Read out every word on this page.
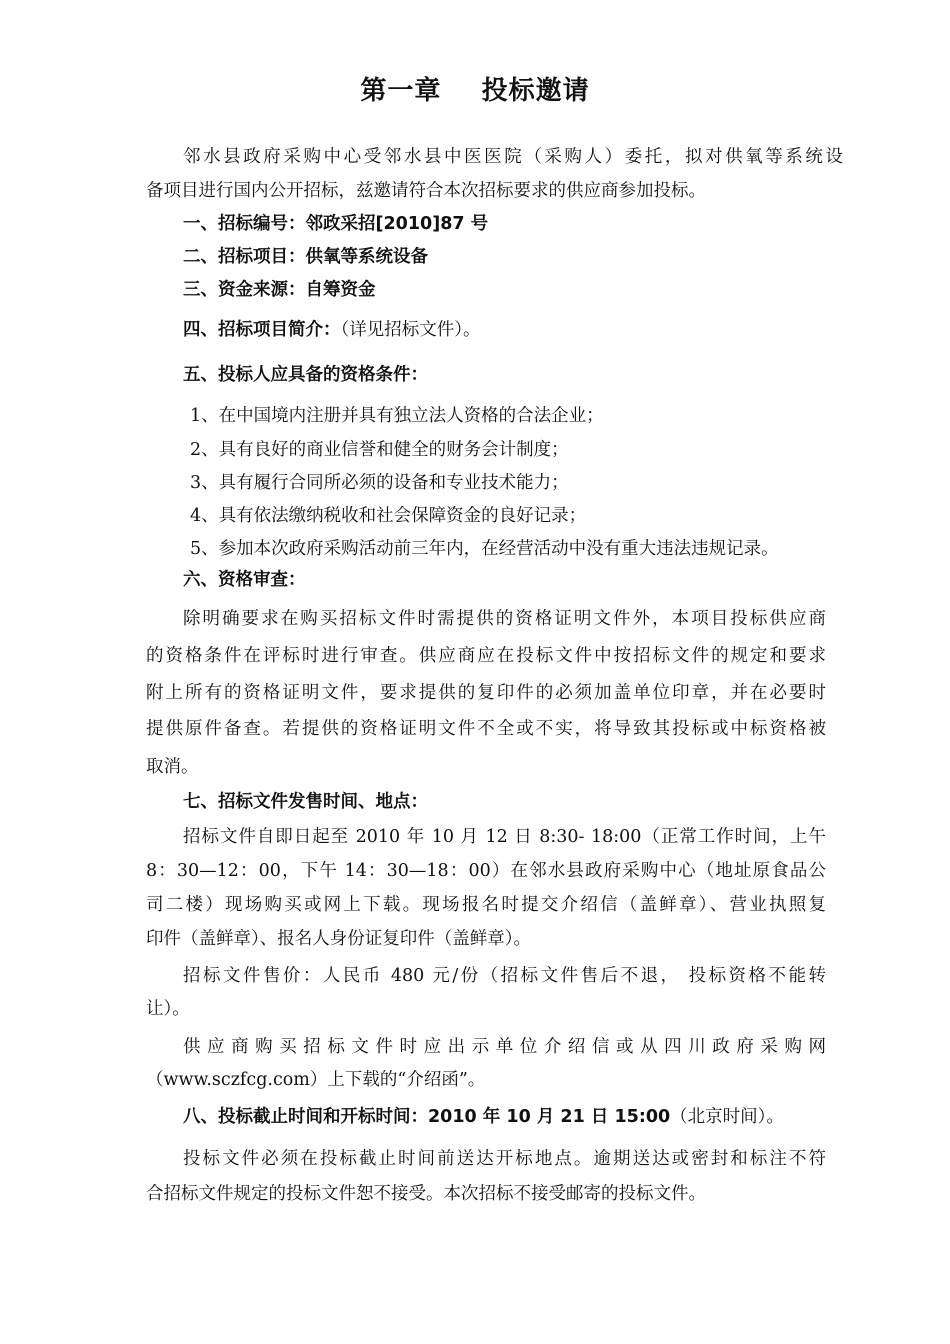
第一章    投标邀请
邻水县政府采购中心受邻水县中医医院（采购人）委托，拟对供氧等系统设
备项目进行国内公开招标，兹邀请符合本次招标要求的供应商参加投标。
一、招标编号：邻政采招[2010]87 号
二、招标项目：供氧等系统设备
三、资金来源：自筹资金
四、招标项目简介：（详见招标文件）。
五、投标人应具备的资格条件：
1、在中国境内注册并具有独立法人资格的合法企业；
2、具有良好的商业信誉和健全的财务会计制度；
3、具有履行合同所必须的设备和专业技术能力；
4、具有依法缴纳税收和社会保障资金的良好记录；
5、参加本次政府采购活动前三年内，在经营活动中没有重大违法违规记录。
六、资格审查：
除明确要求在购买招标文件时需提供的资格证明文件外，本项目投标供应商
的资格条件在评标时进行审查。供应商应在投标文件中按招标文件的规定和要求
附上所有的资格证明文件，要求提供的复印件的必须加盖单位印章，并在必要时
提供原件备查。若提供的资格证明文件不全或不实，将导致其投标或中标资格被
取消。
七、招标文件发售时间、地点：
招标文件自即日起至 2010 年 10 月 12 日 8:30- 18:00（正常工作时间，上午
8：30—12：00，下午 14：30—18：00）在邻水县政府采购中心（地址原食品公
司二楼）现场购买或网上下载。现场报名时提交介绍信（盖鲜章）、营业执照复
印件（盖鲜章）、报名人身份证复印件（盖鲜章）。
招标文件售价：人民币 480 元/份（招标文件售后不退， 投标资格不能转
让）。
供应商购买招标文件时应出示单位介绍信或从四川政府采购网
（www.sczfcg.com）上下载的“介绍函”。
八、投标截止时间和开标时间：2010 年 10 月 21 日 15:00（北京时间）。
投标文件必须在投标截止时间前送达开标地点。逾期送达或密封和标注不符
合招标文件规定的投标文件恕不接受。本次招标不接受邮寄的投标文件。
